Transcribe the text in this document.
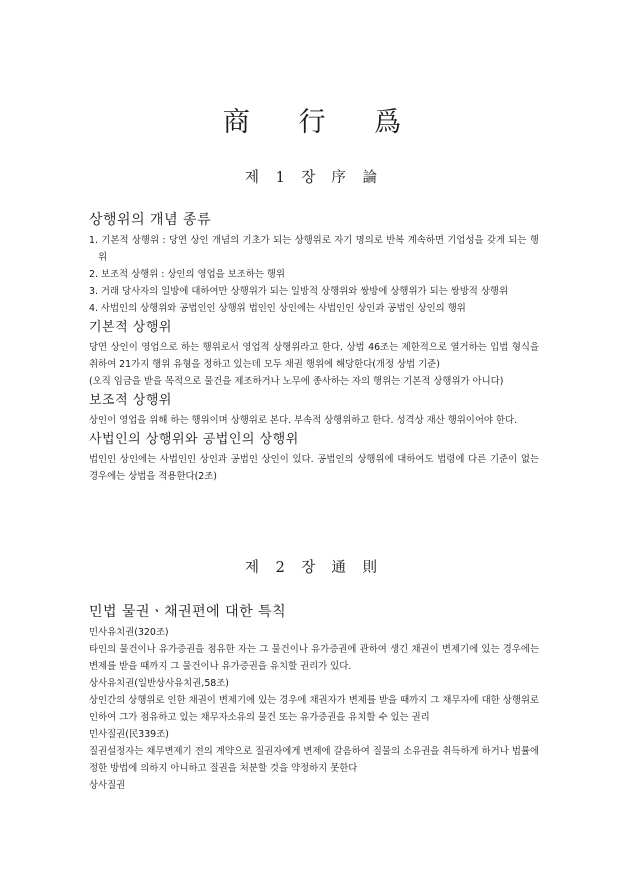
商 行 爲
제 1 장 序 論
상행위의 개념 종류
1. 기본적 상행위 : 당연 상인 개념의 기초가 되는 상행위로 자기 명의로 반복 계속하면 기업성을 갖게 되는 행위
2. 보조적 상행위 : 상인의 영업을 보조하는 행위
3. 거래 당사자의 일방에 대하여만 상행위가 되는 일방적 상행위와 쌍방에 상행위가 되는 쌍방적 상행위
4. 사법인의 상행위와 공법인인 상행위 법인인 상인에는 사법인인 상인과 공법인 상인의 행위
기본적 상행위
당연 상인이 영업으로 하는 행위로서 영업적 상행위라고 한다. 상법 46조는 제한적으로 열거하는 입법 형식을 취하여 21가지 행위 유형을 정하고 있는데 모두 채권 행위에 해당한다(개정 상법 기준)
(오직 임금을 받을 목적으로 물건을 제조하거나 노무에 종사하는 자의 행위는 기본적 상행위가 아니다)
보조적 상행위
상인이 영업을 위해 하는 행위이며 상행위로 본다. 부속적 상행위하고 한다. 성격상 재산 행위이어야 한다.
사법인의 상행위와 공법인의 상행위
법인인 상인에는 사법인인 상인과 공법인 상인이 있다. 공법인의 상행위에 대하여도 법령에 다른 기준이 없는 경우에는 상법을 적용한다(2조)
제 2 장 通 則
민법 물권ㆍ채권편에 대한 특칙
민사유치권(320조)
타인의 물건이나 유가증권을 점유한 자는 그 물건이나 유가증권에 관하여 생긴 채권이 변제기에 있는 경우에는 변제를 받을 때까지 그 물건이나 유가증권을 유치할 권리가 있다.
상사유치권(일반상사유치권,58조)
상인간의 상행위로 인한 채권이 변제기에 있는 경우에 채권자가 변제를 받을 때까지 그 채무자에 대한 상행위로 인하여 그가 점유하고 있는 채무자소유의 물건 또는 유가증권을 유치할 수 있는 권리
민사질권(民339조)
질권설정자는 채무변제기 전의 계약으로 질권자에게 변제에 갈음하여 질물의 소유권을 취득하게 하거나 법률에 정한 방법에 의하지 아니하고 질권을 처분할 것을 약정하지 못한다
상사질권
